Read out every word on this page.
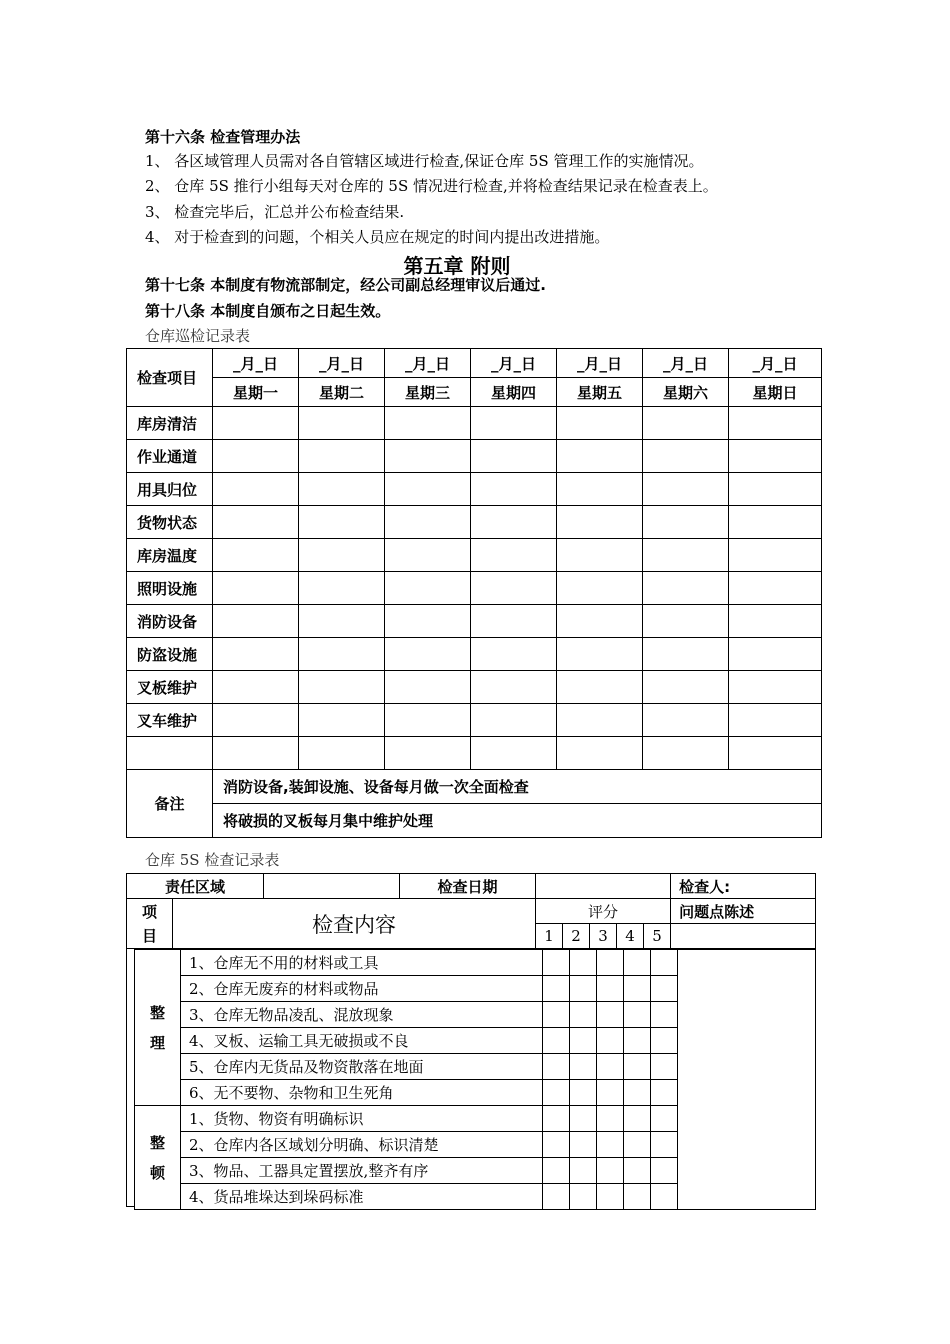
第十六条 检查管理办法
1、 各区域管理人员需对各自管辖区域进行检查,保证仓库 5S 管理工作的实施情况。
2、 仓库 5S 推行小组每天对仓库的 5S 情况进行检查,并将检查结果记录在检查表上。
3、 检查完毕后，汇总并公布检查结果.
4、 对于检查到的问题，个相关人员应在规定的时间内提出改进措施。
第五章 附则
第十七条 本制度有物流部制定，经公司副总经理审议后通过.
第十八条 本制度自颁布之日起生效。
仓库巡检记录表
检查项目	_月_日	_月_日	_月_日	_月_日	_月_日	_月_日	_月_日
	星期一	星期二	星期三	星期四	星期五	星期六	星期日
库房清洁							
作业通道							
用具归位							
货物状态							
库房温度							
照明设施							
消防设备							
防盗设施							
叉板维护							
叉车维护							

备注	消防设备,装卸设施、设备每月做一次全面检查						
	将破损的叉板每月集中维护处理						
仓库 5S 检查记录表
责任区域			检查日期						检查人:
项
目	检查内容			评分					问题点陈述
				1	2	3	4	5	
整
理	1、仓库无不用的材料或工具						
	2、仓库无废弃的材料或物品						
	3、仓库无物品凌乱、混放现象						
	4、叉板、运输工具无破损或不良						
	5、仓库内无货品及物资散落在地面						
	6、无不要物、杂物和卫生死角						
整
顿	1、货物、物资有明确标识						
	2、仓库内各区域划分明确、标识清楚						
	3、物品、工器具定置摆放,整齐有序						
	4、货品堆垛达到垛码标准						
